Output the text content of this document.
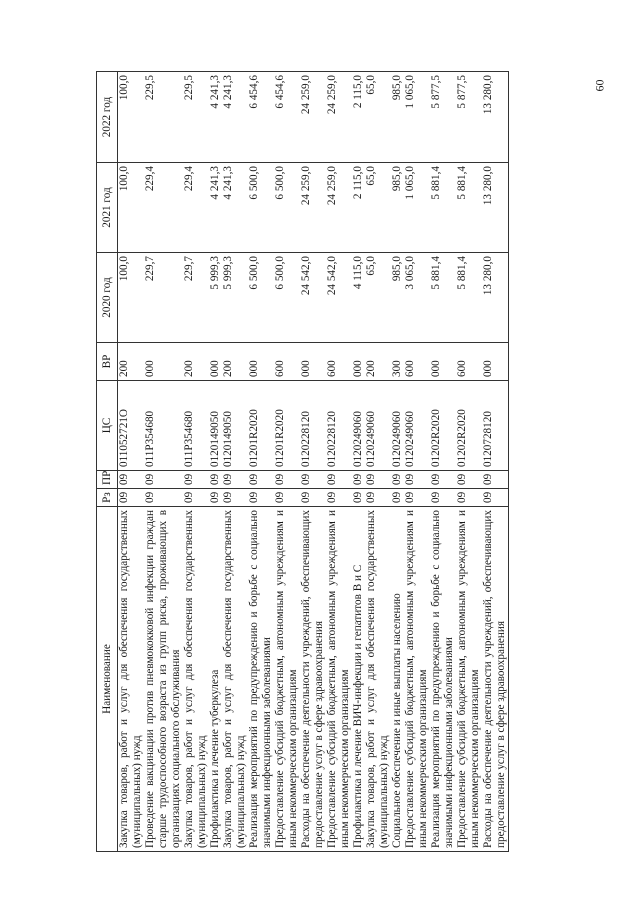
60
Наименование	Рз	ПР	ЦС	ВР	2020 год	2021 год	2022 год
Закупка товаров, работ и услуг для обеспечения государственных (муниципальных) нужд	09	09	011052721О	200	100,0	100,0	100,0
Проведение вакцинации против пневмококковой инфекции граждан старше трудоспособного возраста из групп риска, проживающих в организациях социального обслуживания	09	09	011Р354680	000	229,7	229,4	229,5
Закупка товаров, работ и услуг для обеспечения государственных (муниципальных) нужд	09	09	011Р354680	200	229,7	229,4	229,5
Профилактика и лечение туберкулеза	09	09	0120149050	000	5 999,3	4 241,3	4 241,3
Закупка товаров, работ и услуг для обеспечения государственных (муниципальных) нужд	09	09	0120149050	200	5 999,3	4 241,3	4 241,3
Реализация мероприятий по предупреждению и борьбе с социально значимыми инфекционными заболеваниями	09	09	01201R2020	000	6 500,0	6 500,0	6 454,6
Предоставление субсидий бюджетным, автономным учреждениям и иным некоммерческим организациям	09	09	01201R2020	600	6 500,0	6 500,0	6 454,6
Расходы на обеспечение деятельности учреждений, обеспечивающих предоставление услуг в сфере здравоохранения	09	09	0120228120	000	24 542,0	24 259,0	24 259,0
Предоставление субсидий бюджетным, автономным учреждениям и иным некоммерческим организациям	09	09	0120228120	600	24 542,0	24 259,0	24 259,0
Профилактика и лечение ВИЧ-инфекции и гепатитов В и С	09	09	0120249060	000	4 115,0	2 115,0	2 115,0
Закупка товаров, работ и услуг для обеспечения государственных (муниципальных) нужд	09	09	0120249060	200	65,0	65,0	65,0
Социальное обеспечение и иные выплаты населению	09	09	0120249060	300	985,0	985,0	985,0
Предоставление субсидий бюджетным, автономным учреждениям и иным некоммерческим организациям	09	09	0120249060	600	3 065,0	1 065,0	1 065,0
Реализация мероприятий по предупреждению и борьбе с социально значимыми инфекционными заболеваниями	09	09	01202R2020	000	5 881,4	5 881,4	5 877,5
Предоставление субсидий бюджетным, автономным учреждениям и иным некоммерческим организациям	09	09	01202R2020	600	5 881,4	5 881,4	5 877,5
Расходы на обеспечение деятельности учреждений, обеспечивающих предоставление услуг в сфере здравоохранения	09	09	0120728120	000	13 280,0	13 280,0	13 280,0
